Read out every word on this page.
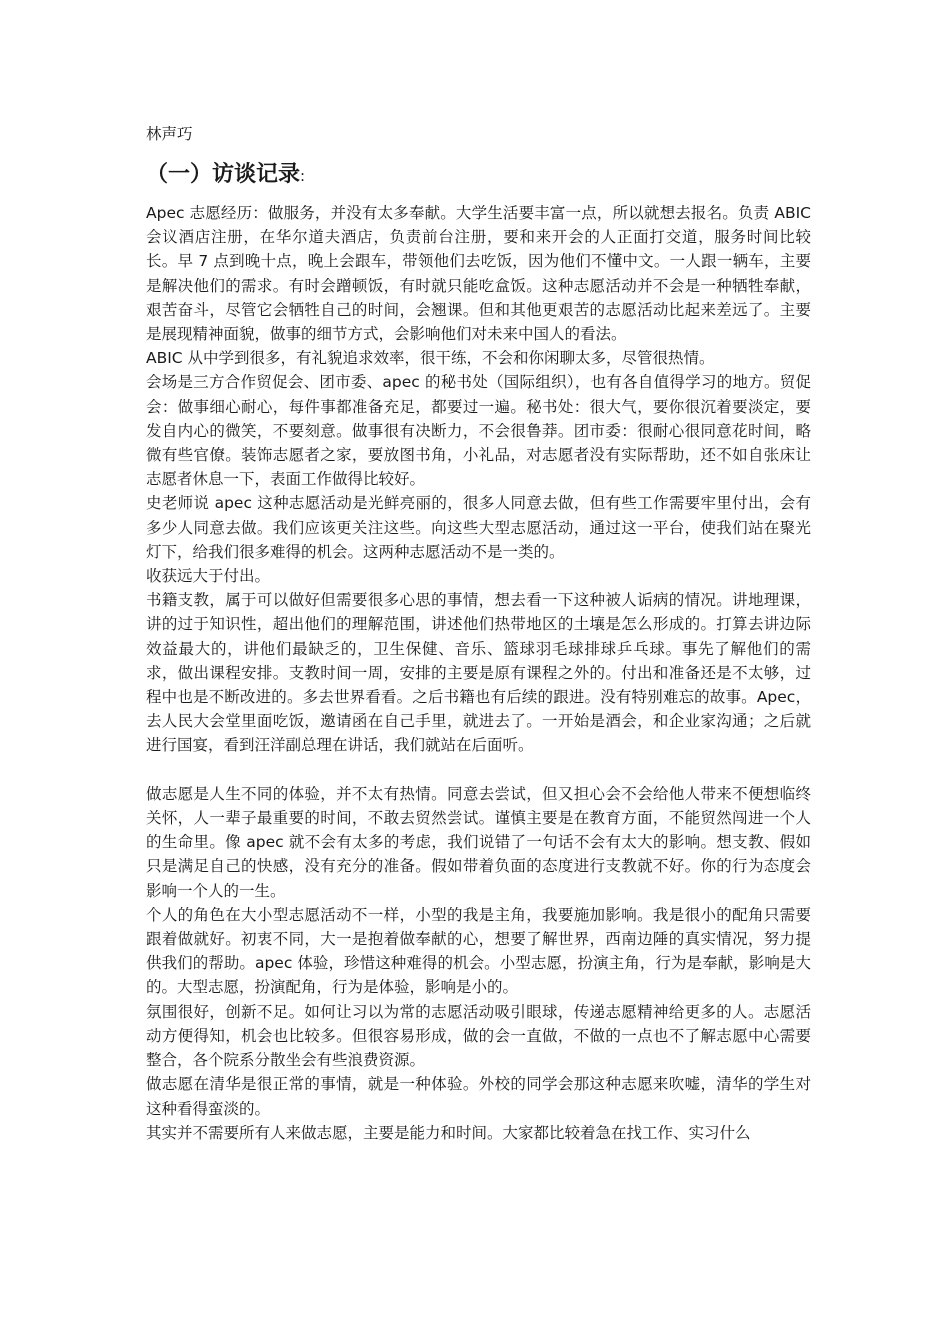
林声巧
（一）访谈记录:

Apec 志愿经历：做服务，并没有太多奉献。大学生活要丰富一点，所以就想去报名。负责 ABIC 会议酒店注册，在华尔道夫酒店，负责前台注册，要和来开会的人正面打交道，服务时间比较长。早 7 点到晚十点，晚上会跟车，带领他们去吃饭，因为他们不懂中文。一人跟一辆车，主要是解决他们的需求。有时会蹭顿饭，有时就只能吃盒饭。这种志愿活动并不会是一种牺牲奉献，艰苦奋斗，尽管它会牺牲自己的时间，会翘课。但和其他更艰苦的志愿活动比起来差远了。主要是展现精神面貌，做事的细节方式，会影响他们对未来中国人的看法。

ABIC 从中学到很多，有礼貌追求效率，很干练，不会和你闲聊太多，尽管很热情。

会场是三方合作贸促会、团市委、apec 的秘书处（国际组织），也有各自值得学习的地方。贸促会：做事细心耐心，每件事都准备充足，都要过一遍。秘书处：很大气，要你很沉着要淡定，要发自内心的微笑，不要刻意。做事很有决断力，不会很鲁莽。团市委：很耐心很同意花时间，略微有些官僚。装饰志愿者之家，要放图书角，小礼品，对志愿者没有实际帮助，还不如自张床让志愿者休息一下，表面工作做得比较好。

史老师说 apec 这种志愿活动是光鲜亮丽的，很多人同意去做，但有些工作需要牢里付出，会有多少人同意去做。我们应该更关注这些。向这些大型志愿活动，通过这一平台，使我们站在聚光灯下，给我们很多难得的机会。这两种志愿活动不是一类的。

收获远大于付出。

书籍支教，属于可以做好但需要很多心思的事情，想去看一下这种被人诟病的情况。讲地理课，讲的过于知识性，超出他们的理解范围，讲述他们热带地区的土壤是怎么形成的。打算去讲边际效益最大的，讲他们最缺乏的，卫生保健、音乐、篮球羽毛球排球乒乓球。事先了解他们的需求，做出课程安排。支教时间一周，安排的主要是原有课程之外的。付出和准备还是不太够，过程中也是不断改进的。多去世界看看。之后书籍也有后续的跟进。没有特别难忘的故事。Apec，去人民大会堂里面吃饭，邀请函在自己手里，就进去了。一开始是酒会，和企业家沟通；之后就进行国宴，看到汪洋副总理在讲话，我们就站在后面听。

做志愿是人生不同的体验，并不太有热情。同意去尝试，但又担心会不会给他人带来不便想临终关怀，人一辈子最重要的时间，不敢去贸然尝试。谨慎主要是在教育方面，不能贸然闯进一个人的生命里。像 apec 就不会有太多的考虑，我们说错了一句话不会有太大的影响。想支教、假如只是满足自己的快感，没有充分的准备。假如带着负面的态度进行支教就不好。你的行为态度会影响一个人的一生。

个人的角色在大小型志愿活动不一样，小型的我是主角，我要施加影响。我是很小的配角只需要跟着做就好。初衷不同，大一是抱着做奉献的心，想要了解世界，西南边陲的真实情况，努力提供我们的帮助。apec 体验，珍惜这种难得的机会。小型志愿，扮演主角，行为是奉献，影响是大的。大型志愿，扮演配角，行为是体验，影响是小的。

氛围很好，创新不足。如何让习以为常的志愿活动吸引眼球，传递志愿精神给更多的人。志愿活动方便得知，机会也比较多。但很容易形成，做的会一直做，不做的一点也不了解志愿中心需要整合，各个院系分散坐会有些浪费资源。

做志愿在清华是很正常的事情，就是一种体验。外校的同学会那这种志愿来吹嘘，清华的学生对这种看得蛮淡的。

其实并不需要所有人来做志愿，主要是能力和时间。大家都比较着急在找工作、实习什么
